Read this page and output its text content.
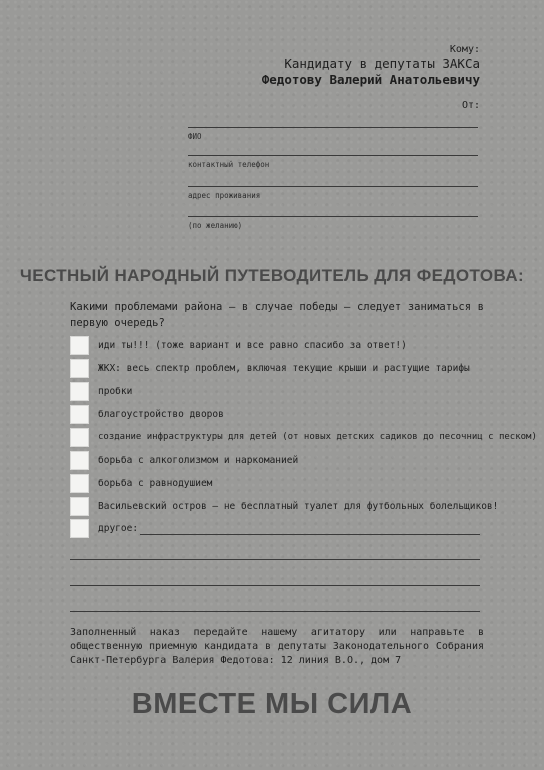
Кому:
Кандидату в депутаты ЗАКСа
Федотову Валерий Анатольевичу
От:
ФИО
контактный телефон
адрес проживания
(по желанию)
ЧЕСТНЫЙ НАРОДНЫЙ ПУТЕВОДИТЕЛЬ ДЛЯ ФЕДОТОВА:
Какими проблемами района — в случае победы — следует заниматься в первую очередь?
иди ты!!! (тоже вариант и все равно спасибо за ответ!)
ЖКХ: весь спектр проблем, включая текущие крыши и растущие тарифы
пробки
благоустройство дворов
создание инфраструктуры для детей (от новых детских садиков до песочниц с песком)
борьба с алкоголизмом и наркоманией
борьба с равнодушием
Васильевский остров — не бесплатный туалет для футбольных болельщиков!
другое:
Заполненный наказ передайте нашему агитатору или направьте в общественную приемную кандидата в депутаты Законодательного Собрания Санкт-Петербурга Валерия Федотова: 12 линия В.О., дом 7
ВМЕСТЕ МЫ СИЛА
